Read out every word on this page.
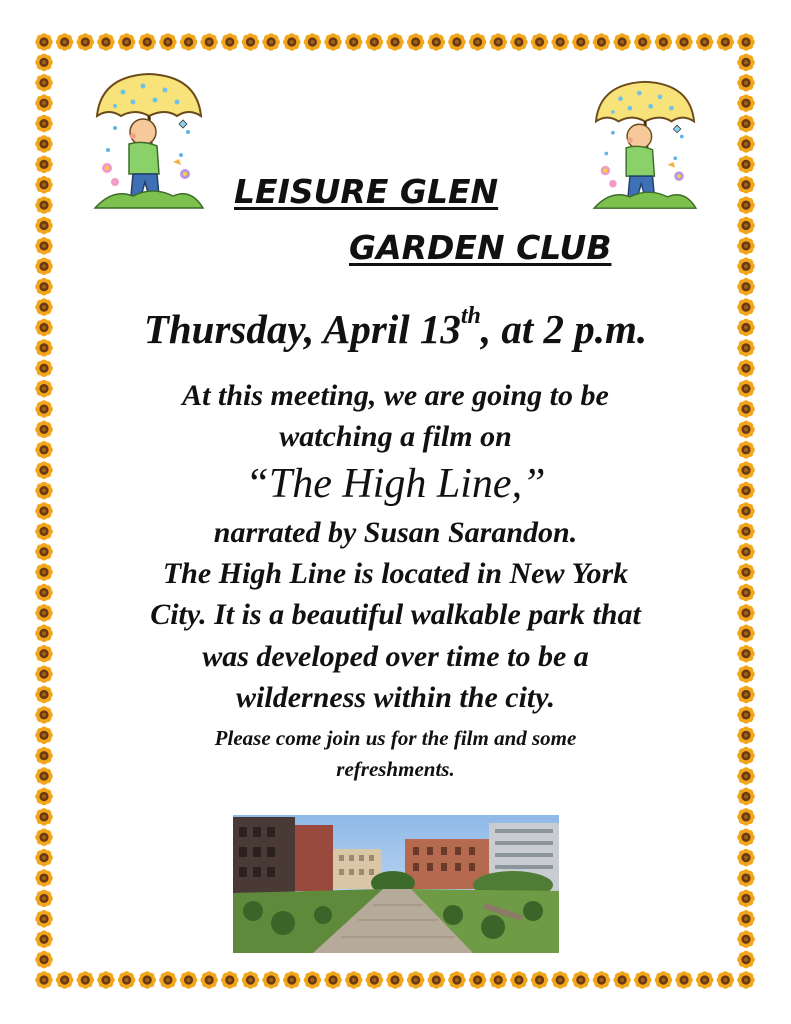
LEISURE GLEN
GARDEN CLUB
Thursday, April 13th, at 2 p.m.
At this meeting, we are going to be
watching a film on
“The High Line,”
narrated by Susan Sarandon.
The High Line is located in New York
City. It is a beautiful walkable park that
was developed over time to be a
wilderness within the city.
Please come join us for the film and some
refreshments.
